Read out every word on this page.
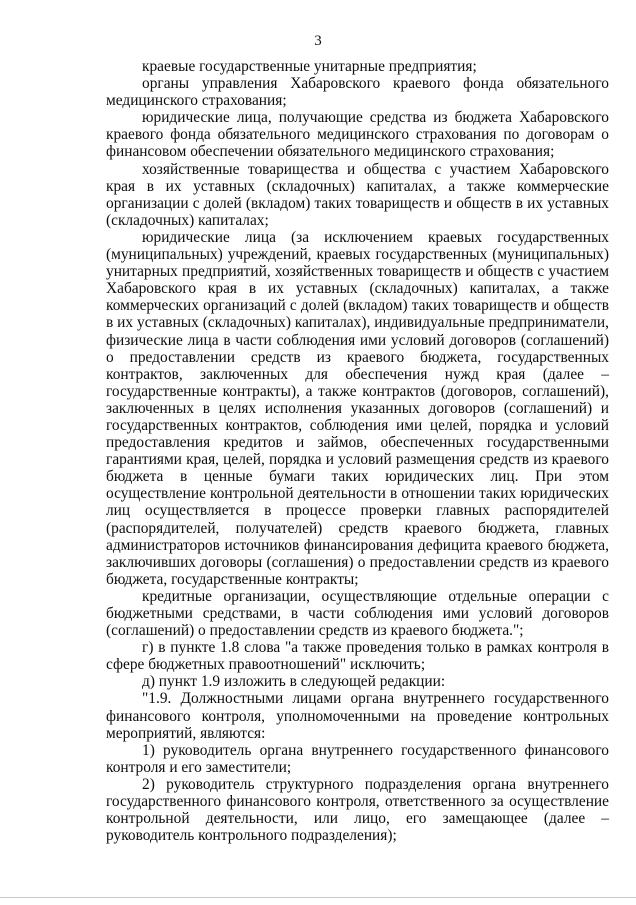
3

краевые государственные унитарные предприятия;

органы управления Хабаровского краевого фонда обязательного медицинского страхования;

юридические лица, получающие средства из бюджета Хабаровского краевого фонда обязательного медицинского страхования по договорам о финансовом обеспечении обязательного медицинского страхования;

хозяйственные товарищества и общества с участием Хабаровского края в их уставных (складочных) капиталах, а также коммерческие организации с долей (вкладом) таких товариществ и обществ в их уставных (складочных) капиталах;

юридические лица (за исключением краевых государственных (муниципальных) учреждений, краевых государственных (муниципальных) унитарных предприятий, хозяйственных товариществ и обществ с участием Хабаровского края в их уставных (складочных) капиталах, а также коммерческих организаций с долей (вкладом) таких товариществ и обществ в их уставных (складочных) капиталах), индивидуальные предприниматели, физические лица в части соблюдения ими условий договоров (соглашений) о предоставлении средств из краевого бюджета, государственных контрактов, заключенных для обеспечения нужд края (далее – государственные контракты), а также контрактов (договоров, соглашений), заключенных в целях исполнения указанных договоров (соглашений) и государственных контрактов, соблюдения ими целей, порядка и условий предоставления кредитов и займов, обеспеченных государственными гарантиями края, целей, порядка и условий размещения средств из краевого бюджета в ценные бумаги таких юридических лиц. При этом осуществление контрольной деятельности в отношении таких юридических лиц осуществляется в процессе проверки главных распорядителей (распорядителей, получателей) средств краевого бюджета, главных администраторов источников финансирования дефицита краевого бюджета, заключивших договоры (соглашения) о предоставлении средств из краевого бюджета, государственные контракты;

кредитные организации, осуществляющие отдельные операции с бюджетными средствами, в части соблюдения ими условий договоров (соглашений) о предоставлении средств из краевого бюджета.";

г) в пункте 1.8 слова "а также проведения только в рамках контроля в сфере бюджетных правоотношений" исключить;

д) пункт 1.9 изложить в следующей редакции:

"1.9. Должностными лицами органа внутреннего государственного финансового контроля, уполномоченными на проведение контрольных мероприятий, являются:

1) руководитель органа внутреннего государственного финансового контроля и его заместители;

2) руководитель структурного подразделения органа внутреннего государственного финансового контроля, ответственного за осуществление контрольной деятельности, или лицо, его замещающее (далее – руководитель контрольного подразделения);
